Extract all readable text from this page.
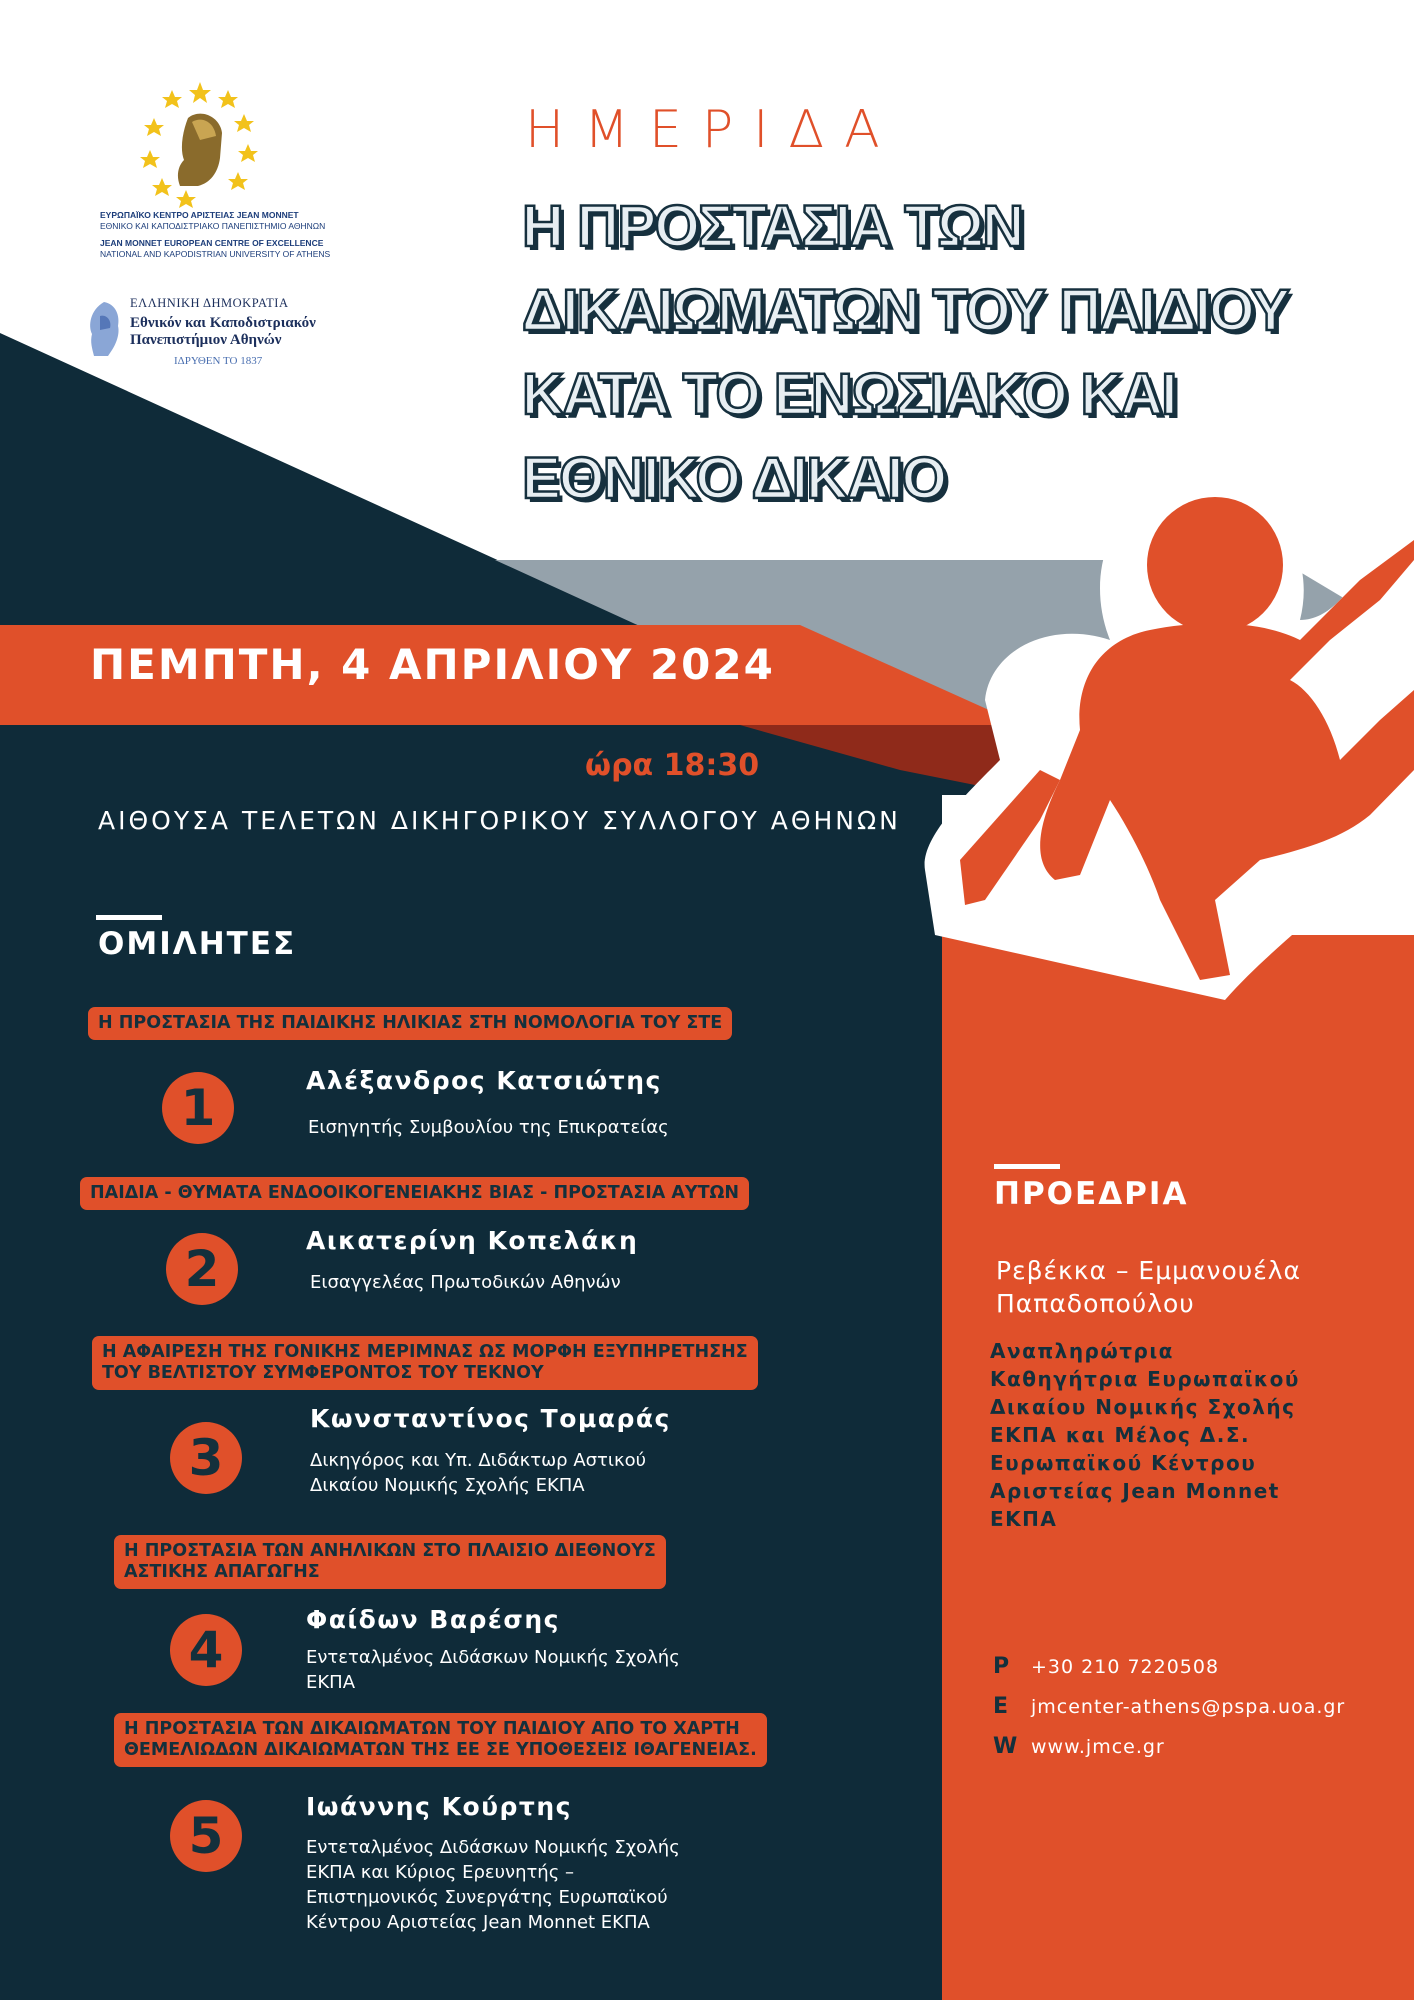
ΕΥΡΩΠΑΪΚΟ ΚΕΝΤΡΟ ΑΡΙΣΤΕΙΑΣ JEAN MONNET
ΕΘΝΙΚΟ ΚΑΙ ΚΑΠΟΔΙΣΤΡΙΑΚΟ ΠΑΝΕΠΙΣΤΗΜΙΟ ΑΘΗΝΩΝ
JEAN MONNET EUROPEAN CENTRE OF EXCELLENCE
NATIONAL AND KAPODISTRIAN UNIVERSITY OF ATHENS
ΕΛΛΗΝΙΚΗ ΔΗΜΟΚΡΑΤΙΑ
Εθνικόν και Καποδιστριακόν
Πανεπιστήμιον Αθηνών
ΙΔΡΥΘΕΝ ΤΟ 1837
ΗΜΕΡΙΔΑ
Η ΠΡΟΣΤΑΣΙΑ ΤΩΝ
ΔΙΚΑΙΩΜΑΤΩΝ ΤΟΥ ΠΑΙΔΙΟΥ
ΚΑΤΑ ΤΟ ΕΝΩΣΙΑΚΟ ΚΑΙ
ΕΘΝΙΚΟ ΔΙΚΑΙΟ
ΠΕΜΠΤΗ, 4 ΑΠΡΙΛΙΟΥ 2024
ώρα 18:30
ΑΙΘΟΥΣΑ ΤΕΛΕΤΩΝ ΔΙΚΗΓΟΡΙΚΟΥ ΣΥΛΛΟΓΟΥ ΑΘΗΝΩΝ
ΟΜΙΛΗΤΕΣ
Η ΠΡΟΣΤΑΣΙΑ ΤΗΣ ΠΑΙΔΙΚΗΣ ΗΛΙΚΙΑΣ ΣΤΗ ΝΟΜΟΛΟΓΙΑ ΤΟΥ ΣΤΕ
1	Αλέξανδρος Κατσιώτης
Εισηγητής Συμβουλίου της Επικρατείας
ΠΑΙΔΙΑ - ΘΥΜΑΤΑ ΕΝΔΟΟΙΚΟΓΕΝΕΙΑΚΗΣ ΒΙΑΣ - ΠΡΟΣΤΑΣΙΑ ΑΥΤΩΝ
2	Αικατερίνη Κοπελάκη
Εισαγγελέας Πρωτοδικών Αθηνών
Η ΑΦΑΙΡΕΣΗ ΤΗΣ ΓΟΝΙΚΗΣ ΜΕΡΙΜΝΑΣ ΩΣ ΜΟΡΦΗ ΕΞΥΠΗΡΕΤΗΣΗΣ
ΤΟΥ ΒΕΛΤΙΣΤΟΥ ΣΥΜΦΕΡΟΝΤΟΣ ΤΟΥ ΤΕΚΝΟΥ
3
Κωνσταντίνος Τομαράς
Δικηγόρος και Υπ. Διδάκτωρ Αστικού
Δικαίου Νομικής Σχολής ΕΚΠΑ
Η ΠΡΟΣΤΑΣΙΑ ΤΩΝ ΑΝΗΛΙΚΩΝ ΣΤΟ ΠΛΑΙΣΙΟ ΔΙΕΘΝΟΥΣ
ΑΣΤΙΚΗΣ ΑΠΑΓΩΓΗΣ
4
Φαίδων Βαρέσης
Εντεταλμένος Διδάσκων Νομικής Σχολής
ΕΚΠΑ
Η ΠΡΟΣΤΑΣΙΑ ΤΩΝ ΔΙΚΑΙΩΜΑΤΩΝ ΤΟΥ ΠΑΙΔΙΟΥ ΑΠΟ ΤΟ ΧΑΡΤΗ
ΘΕΜΕΛΙΩΔΩΝ ΔΙΚΑΙΩΜΑΤΩΝ ΤΗΣ ΕΕ ΣΕ ΥΠΟΘΕΣΕΙΣ ΙΘΑΓΕΝΕΙΑΣ.
5
Ιωάννης Κούρτης
Εντεταλμένος Διδάσκων Νομικής Σχολής
ΕΚΠΑ και Κύριος Ερευνητής –
Επιστημονικός Συνεργάτης Ευρωπαϊκού
Κέντρου Αριστείας Jean Monnet ΕΚΠΑ
ΠΡΟΕΔΡΙΑ
Ρεβέκκα – Εμμανουέλα
Παπαδοπούλου
Αναπληρώτρια
Καθηγήτρια Ευρωπαϊκού
Δικαίου Νομικής Σχολής
ΕΚΠΑ και Μέλος Δ.Σ.
Ευρωπαϊκού Κέντρου
Αριστείας Jean Monnet
ΕΚΠΑ
P +30 210 7220508
E jmcenter-athens@pspa.uoa.gr
W www.jmce.gr
